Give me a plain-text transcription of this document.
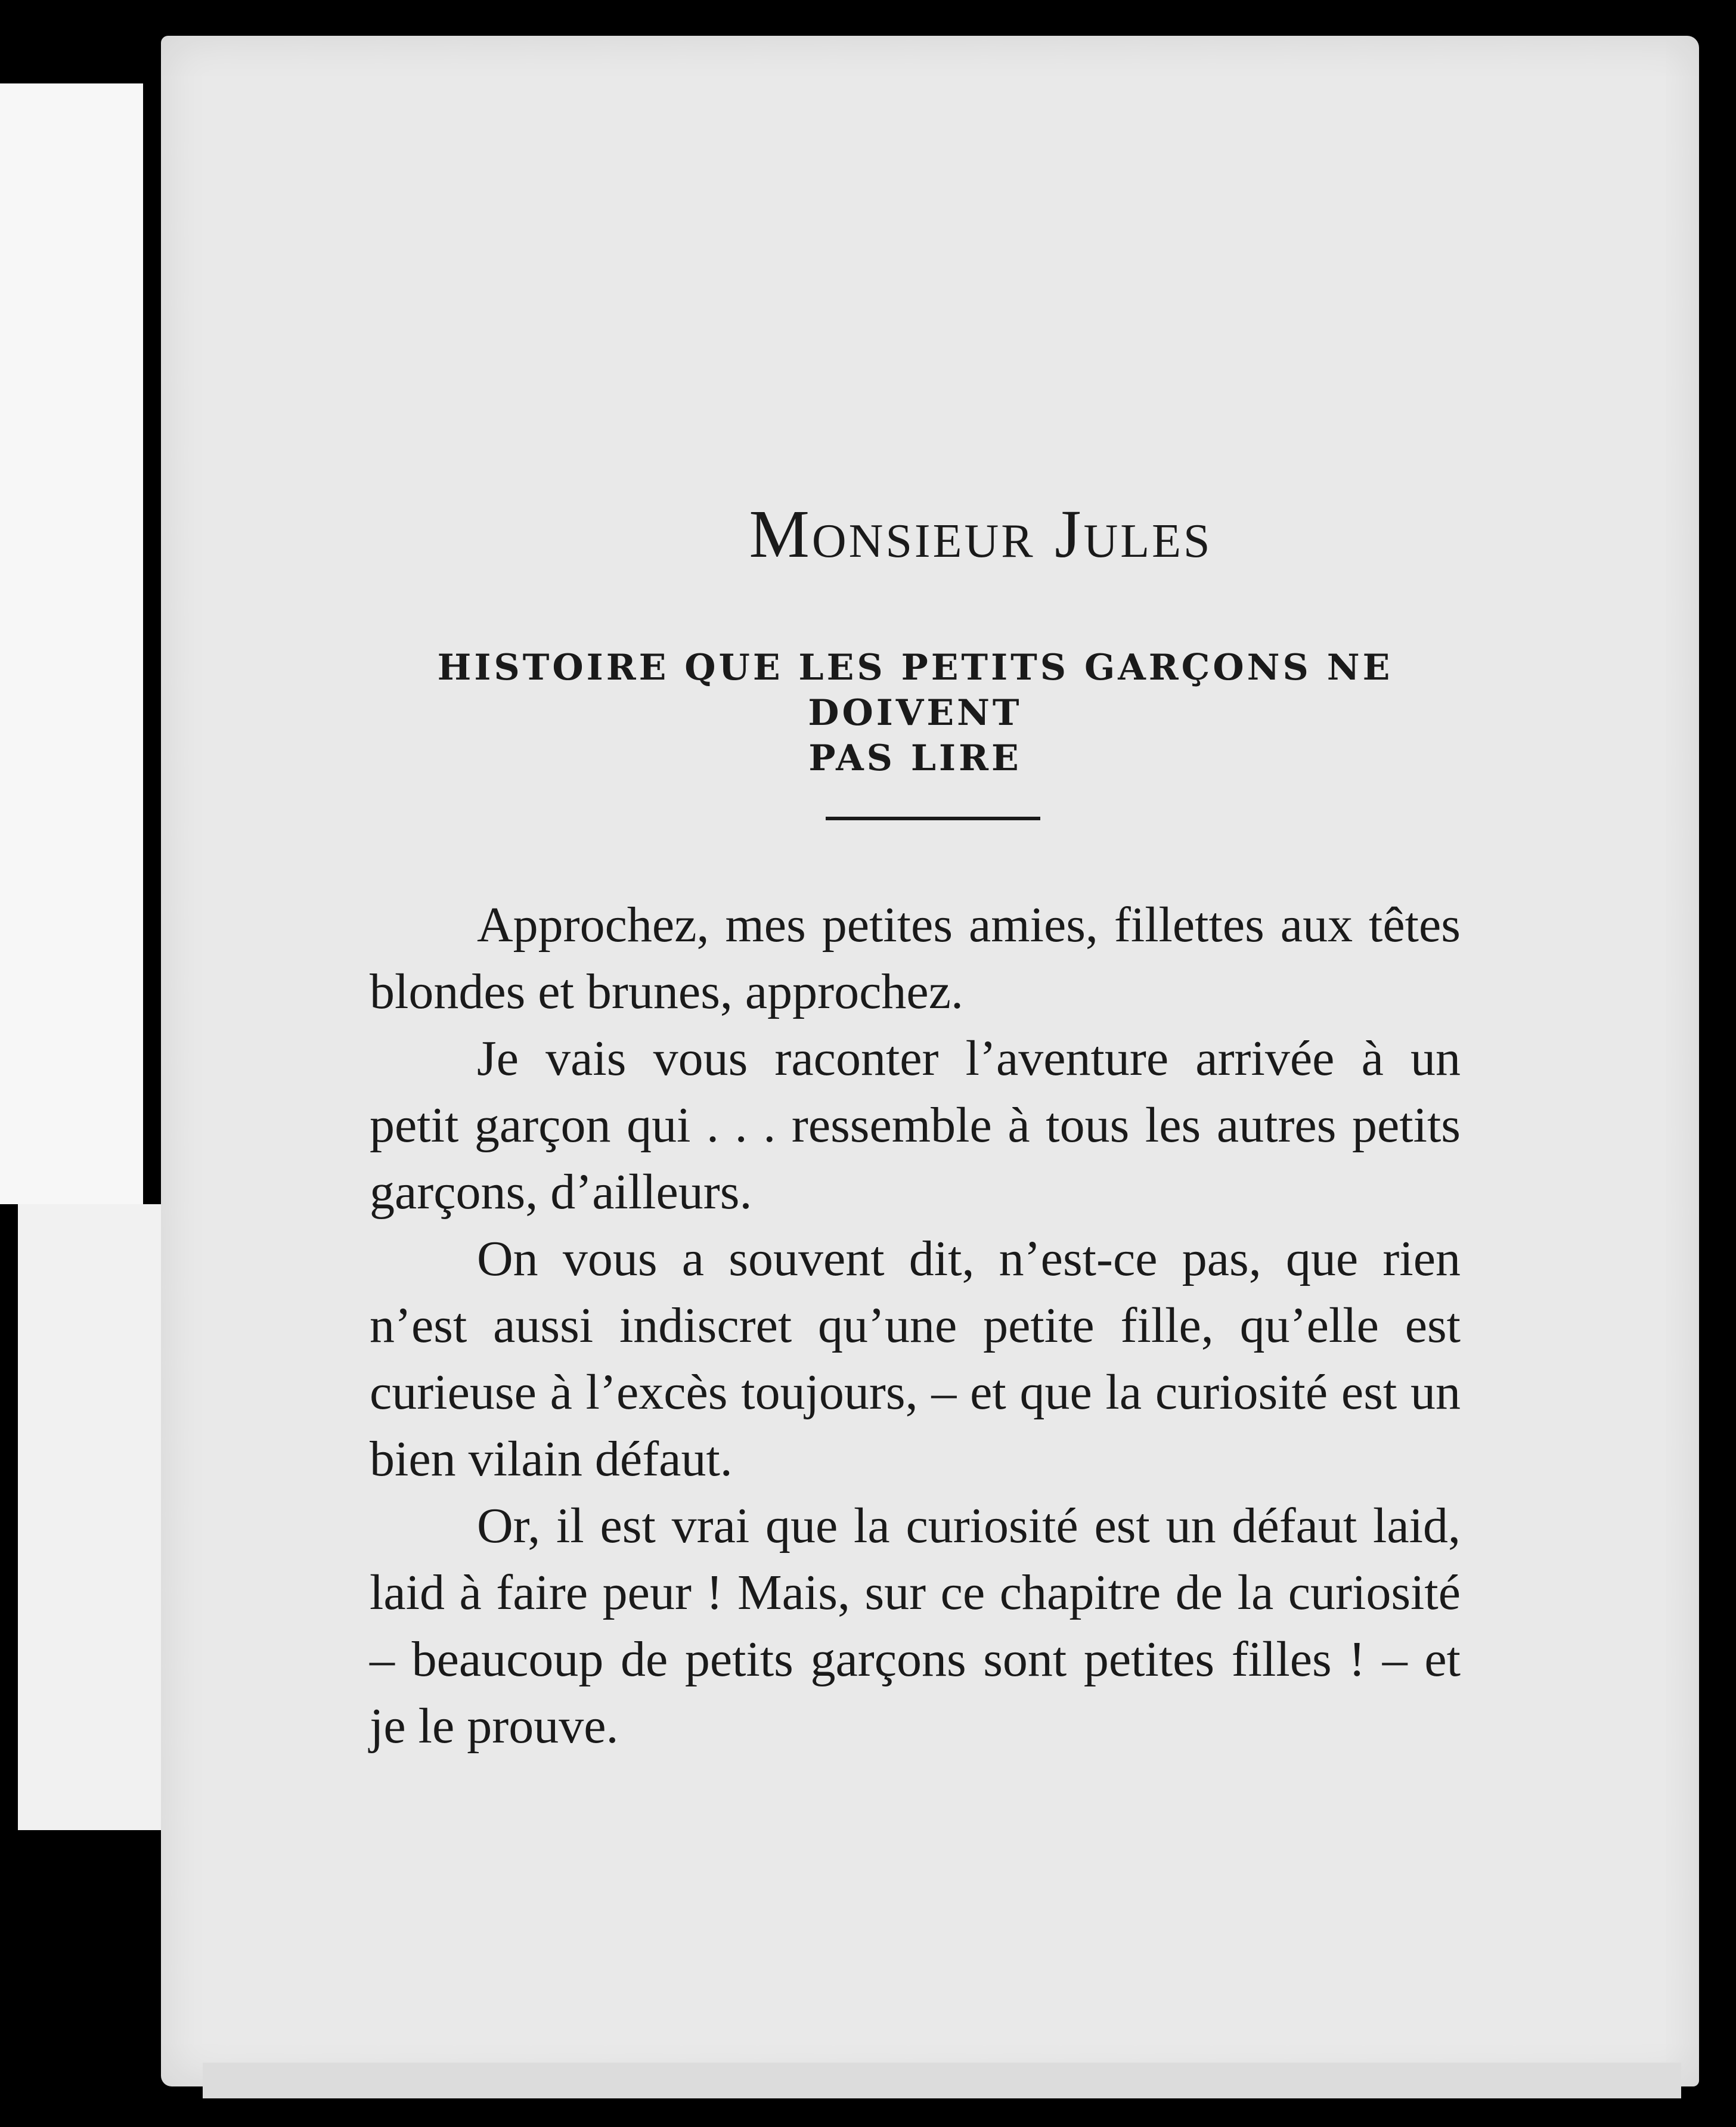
Monsieur Jules

HISTOIRE QUE LES PETITS GARÇONS NE DOIVENT

PAS LIRE

Approchez, mes petites amies, fillettes aux têtes blondes et brunes, approchez.

Je vais vous raconter l’aventure arrivée à un petit garçon qui . . . ressemble à tous les autres petits garçons, d’ailleurs.

On vous a souvent dit, n’est-ce pas, que rien n’est aussi indiscret qu’une petite fille, qu’elle est curieuse à l’excès toujours, – et que la curiosité est un bien vilain défaut.

Or, il est vrai que la curiosité est un défaut laid, laid à faire peur ! Mais, sur ce chapitre de la curiosité – beaucoup de petits garçons sont petites filles ! – et je le prouve.
